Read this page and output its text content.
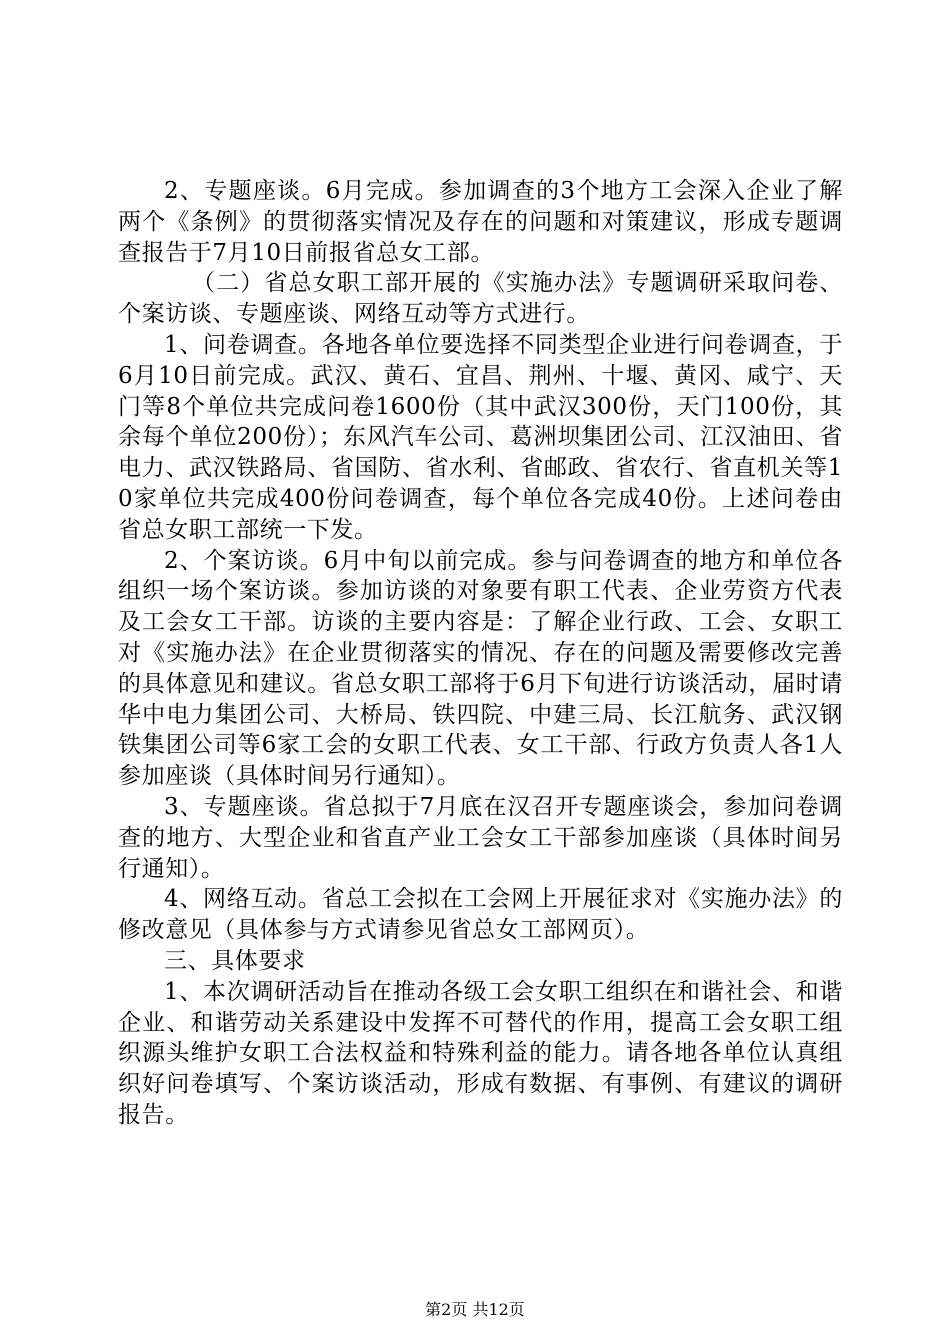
2、专题座谈。6月完成。参加调查的3个地方工会深入企业了解两个《条例》的贯彻落实情况及存在的问题和对策建议，形成专题调查报告于7月10日前报省总女工部。

（二）省总女职工部开展的《实施办法》专题调研采取问卷、个案访谈、专题座谈、网络互动等方式进行。

1、问卷调查。各地各单位要选择不同类型企业进行问卷调查，于6月10日前完成。武汉、黄石、宜昌、荆州、十堰、黄冈、咸宁、天门等8个单位共完成问卷1600份（其中武汉300份，天门100份，其余每个单位200份）；东风汽车公司、葛洲坝集团公司、江汉油田、省电力、武汉铁路局、省国防、省水利、省邮政、省农行、省直机关等10家单位共完成400份问卷调查，每个单位各完成40份。上述问卷由省总女职工部统一下发。

2、个案访谈。6月中旬以前完成。参与问卷调查的地方和单位各组织一场个案访谈。参加访谈的对象要有职工代表、企业劳资方代表及工会女工干部。访谈的主要内容是：了解企业行政、工会、女职工对《实施办法》在企业贯彻落实的情况、存在的问题及需要修改完善的具体意见和建议。省总女职工部将于6月下旬进行访谈活动，届时请华中电力集团公司、大桥局、铁四院、中建三局、长江航务、武汉钢铁集团公司等6家工会的女职工代表、女工干部、行政方负责人各1人参加座谈（具体时间另行通知）。

3、专题座谈。省总拟于7月底在汉召开专题座谈会，参加问卷调查的地方、大型企业和省直产业工会女工干部参加座谈（具体时间另行通知）。

4、网络互动。省总工会拟在工会网上开展征求对《实施办法》的修改意见（具体参与方式请参见省总女工部网页）。

三、具体要求

1、本次调研活动旨在推动各级工会女职工组织在和谐社会、和谐企业、和谐劳动关系建设中发挥不可替代的作用，提高工会女职工组织源头维护女职工合法权益和特殊利益的能力。请各地各单位认真组织好问卷填写、个案访谈活动，形成有数据、有事例、有建议的调研报告。

第2页 共12页
